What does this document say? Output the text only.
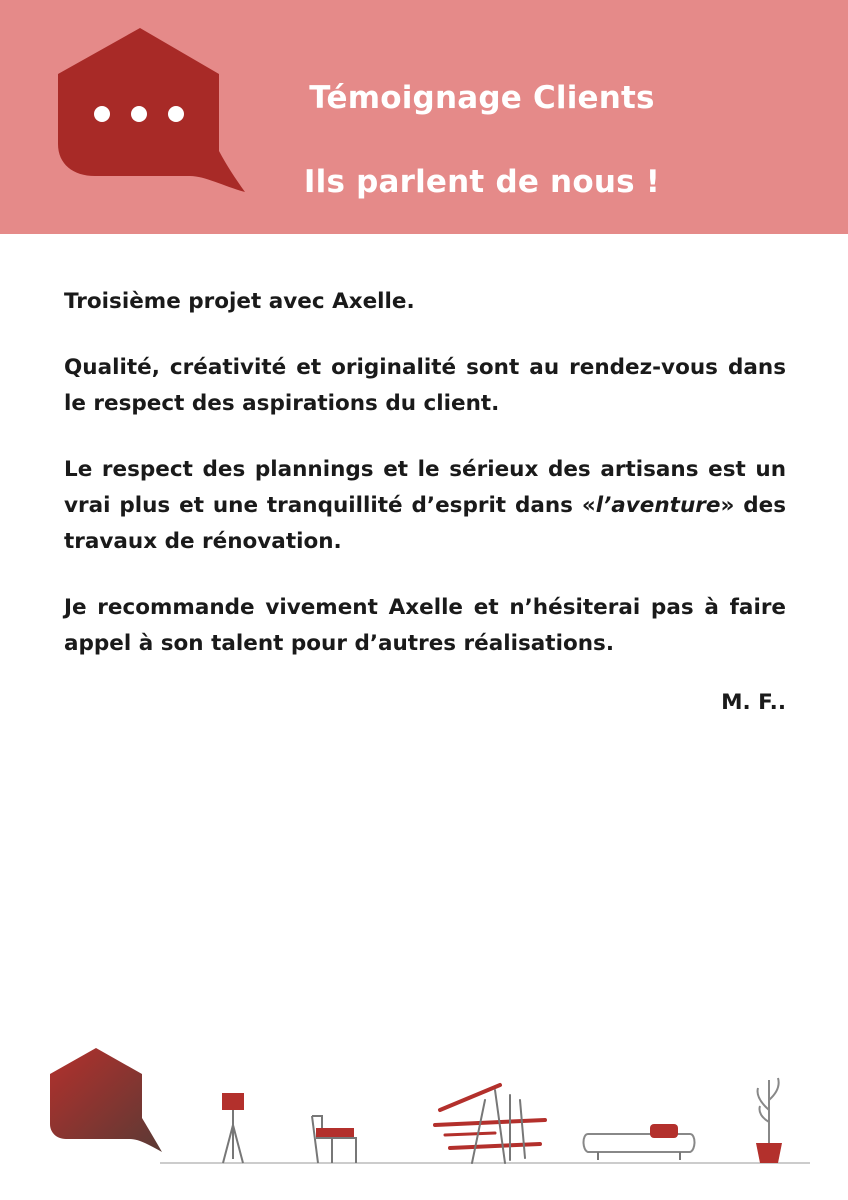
Témoignage Clients
Ils parlent de nous !

Troisième projet avec Axelle.

Qualité, créativité et originalité sont au rendez-vous dans le respect des aspirations du client.

Le respect des plannings et le sérieux des artisans est un vrai plus et une tranquillité d’esprit dans «l’aventure» des travaux de rénovation.

Je recommande vivement Axelle et n’hésiterai pas à faire appel à son talent pour d’autres réalisations.

M. F..
